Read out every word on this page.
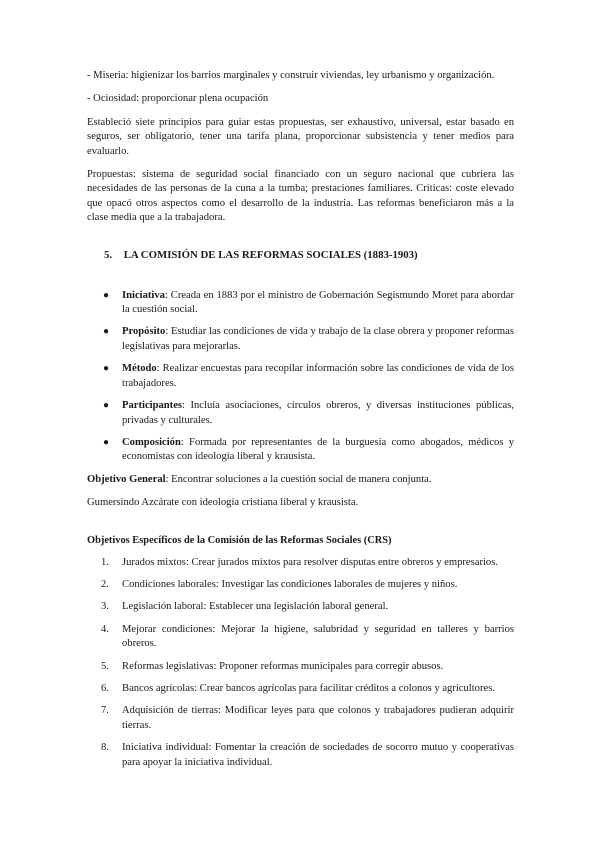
- Miseria: higienizar los barrios marginales y construir viviendas, ley urbanismo y organización.

- Ociosidad: proporcionar plena ocupación

Estableció siete principios para guiar estas propuestas, ser exhaustivo, universal, estar basado en seguros, ser obligatorio, tener una tarifa plana, proporcionar subsistencia y tener medios para evaluarlo.

Propuestas: sistema de seguridad social financiado con un seguro nacional que cubriera las necesidades de las personas de la cuna a la tumba; prestaciones familiares. Críticas: coste elevado que opacó otros aspectos como el desarrollo de la industria. Las reformas beneficiaron más a la clase media que a la trabajadora.

5. LA COMISIÓN DE LAS REFORMAS SOCIALES (1883-1903)
● Iniciativa: Creada en 1883 por el ministro de Gobernación Segismundo Moret para abordar la cuestión social.
● Propósito: Estudiar las condiciones de vida y trabajo de la clase obrera y proponer reformas legislativas para mejorarlas.
● Método: Realizar encuestas para recopilar información sobre las condiciones de vida de los trabajadores.
● Participantes: Incluía asociaciones, círculos obreros, y diversas instituciones públicas, privadas y culturales.
● Composición: Formada por representantes de la burguesía como abogados, médicos y economistas con ideología liberal y krausista.

Objetivo General: Encontrar soluciones a la cuestión social de manera conjunta.

Gumersindo Azcárate con ideología cristiana liberal y krausista.

Objetivos Específicos de la Comisión de las Reformas Sociales (CRS)
1. Jurados mixtos: Crear jurados mixtos para resolver disputas entre obreros y empresarios.
2. Condiciones laborales: Investigar las condiciones laborales de mujeres y niños.
3. Legislación laboral: Establecer una legislación laboral general.
4. Mejorar condiciones: Mejorar la higiene, salubridad y seguridad en talleres y barrios obreros.
5. Reformas legislativas: Proponer reformas municipales para corregir abusos.
6. Bancos agrícolas: Crear bancos agrícolas para facilitar créditos a colonos y agricultores.
7. Adquisición de tierras: Modificar leyes para que colonos y trabajadores pudieran adquirir tierras.
8. Iniciativa individual: Fomentar la creación de sociedades de socorro mutuo y cooperativas para apoyar la iniciativa individual.
